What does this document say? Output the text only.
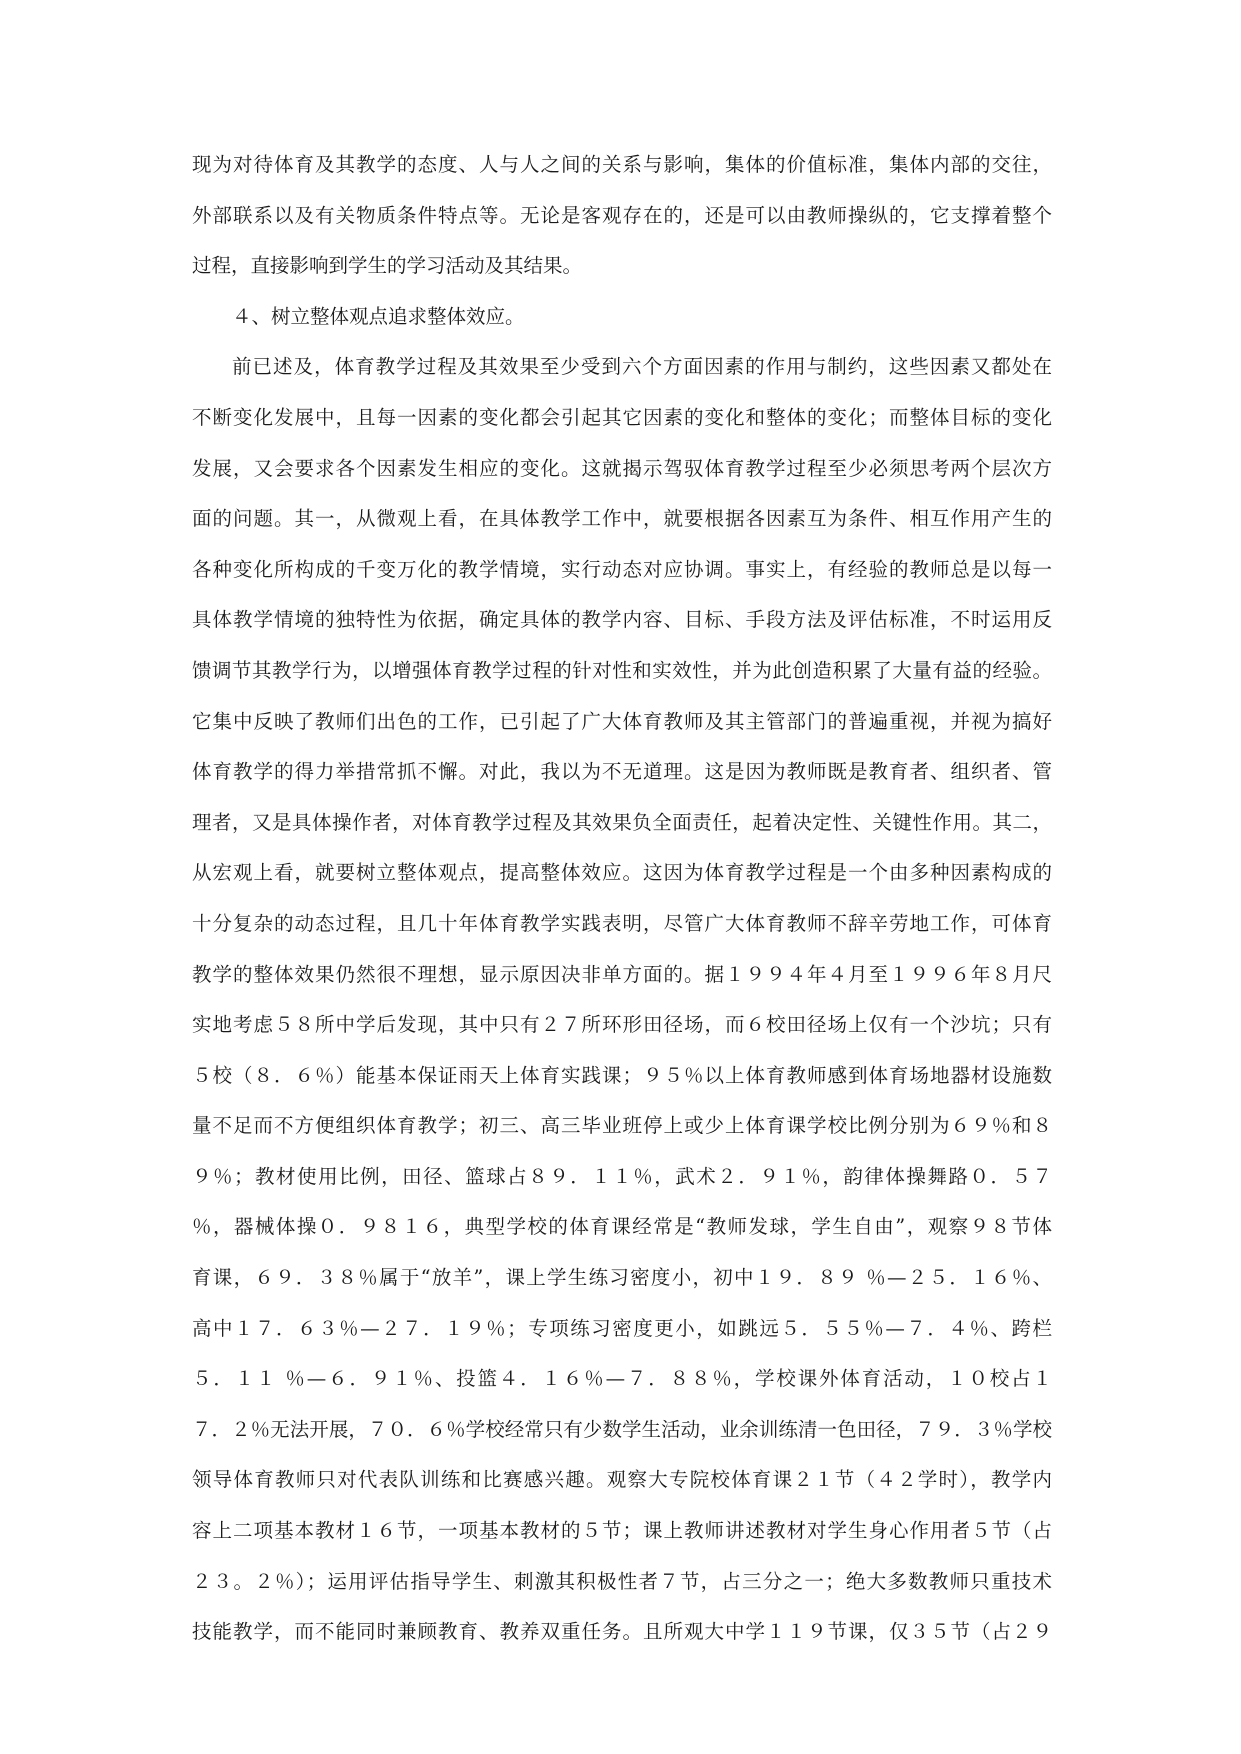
现为对待体育及其教学的态度、人与人之间的关系与影响，集体的价值标准，集体内部的交往，
外部联系以及有关物质条件特点等。无论是客观存在的，还是可以由教师操纵的，它支撑着整个
过程，直接影响到学生的学习活动及其结果。
４、树立整体观点追求整体效应。
前已述及，体育教学过程及其效果至少受到六个方面因素的作用与制约，这些因素又都处在
不断变化发展中，且每一因素的变化都会引起其它因素的变化和整体的变化；而整体目标的变化
发展，又会要求各个因素发生相应的变化。这就揭示驾驭体育教学过程至少必须思考两个层次方
面的问题。其一，从微观上看，在具体教学工作中，就要根据各因素互为条件、相互作用产生的
各种变化所构成的千变万化的教学情境，实行动态对应协调。事实上，有经验的教师总是以每一
具体教学情境的独特性为依据，确定具体的教学内容、目标、手段方法及评估标准，不时运用反
馈调节其教学行为，以增强体育教学过程的针对性和实效性，并为此创造积累了大量有益的经验。
它集中反映了教师们出色的工作，已引起了广大体育教师及其主管部门的普遍重视，并视为搞好
体育教学的得力举措常抓不懈。对此，我以为不无道理。这是因为教师既是教育者、组织者、管
理者，又是具体操作者，对体育教学过程及其效果负全面责任，起着决定性、关键性作用。其二，
从宏观上看，就要树立整体观点，提高整体效应。这因为体育教学过程是一个由多种因素构成的
十分复杂的动态过程，且几十年体育教学实践表明，尽管广大体育教师不辞辛劳地工作，可体育
教学的整体效果仍然很不理想，显示原因决非单方面的。据１９９４年４月至１９９６年８月尺
实地考虑５８所中学后发现，其中只有２７所环形田径场，而６校田径场上仅有一个沙坑；只有
５校（８．６％）能基本保证雨天上体育实践课；９５％以上体育教师感到体育场地器材设施数
量不足而不方便组织体育教学；初三、高三毕业班停上或少上体育课学校比例分别为６９％和８
９％；教材使用比例，田径、篮球占８９．１１％，武术２．９１％，韵律体操舞路０．５７
％，器械体操０．９８１６，典型学校的体育课经常是“教师发球，学生自由”，观察９８节体
育课，６９．３８％属于“放羊”，课上学生练习密度小，初中１９．８９ ％—２５．１６％、
高中１７．６３％—２７．１９％；专项练习密度更小，如跳远５．５５％—７．４％、跨栏
５．１１ ％—６．９１％、投篮４．１６％—７．８８％，学校课外体育活动，１０校占１
７．２％无法开展，７０．６％学校经常只有少数学生活动，业余训练清一色田径，７９．３％学校
领导体育教师只对代表队训练和比赛感兴趣。观察大专院校体育课２１节（４２学时），教学内
容上二项基本教材１６节，一项基本教材的５节；课上教师讲述教材对学生身心作用者５节（占
２３。２％）；运用评估指导学生、刺激其积极性者７节，占三分之一；绝大多数教师只重技术
技能教学，而不能同时兼顾教育、教养双重任务。且所观大中学１１９节课，仅３５节（占２９
